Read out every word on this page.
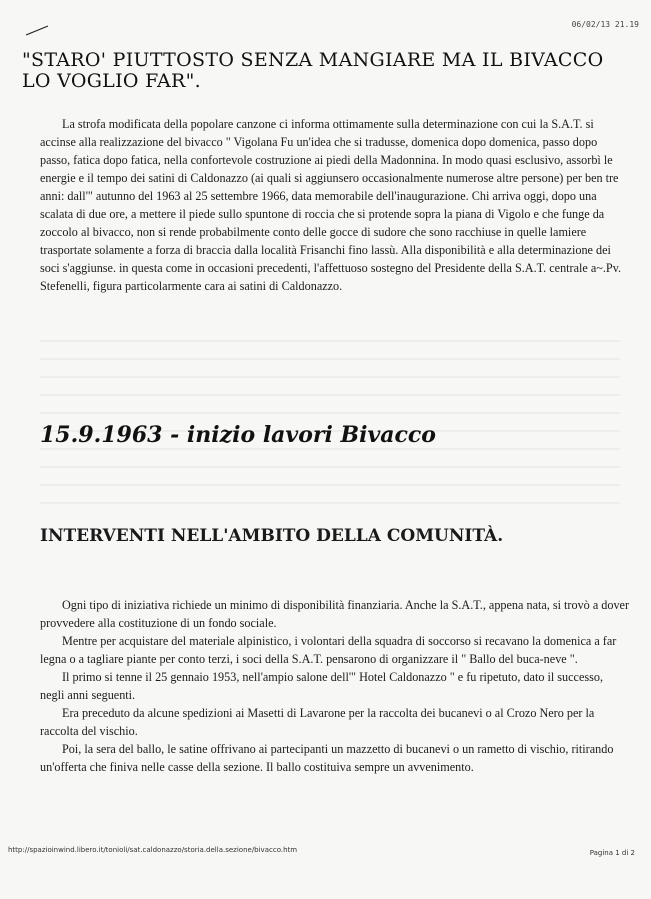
06/02/13 21.19
"STARO' PIUTTOSTO SENZA MANGIARE MA IL BIVACCO LO VOGLIO FAR".

La strofa modificata della popolare canzone ci informa ottimamente sulla determinazione con cui la S.A.T. si accinse alla realizzazione del bivacco " Vigolana Fu un'idea che si tradusse, domenica dopo domenica, passo dopo passo, fatica dopo fatica, nella confortevole costruzione ai piedi della Madonnina. In modo quasi esclusivo, assorbì le energie e il tempo dei satini di Caldonazzo (ai quali si aggiunsero occasionalmente numerose altre persone) per ben tre anni: dall'" autunno del 1963 al 25 settembre 1966, data memorabile dell'inaugurazione. Chi arriva oggi, dopo una scalata di due ore, a mettere il piede sullo spuntone di roccia che si protende sopra la piana di Vigolo e che funge da zoccolo al bivacco, non si rende probabilmente conto delle gocce di sudore che sono racchiuse in quelle lamiere trasportate solamente a forza di braccia dalla località Frisanchi fino lassù. Alla disponibilità e alla determinazione dei soci s'aggiunse. in questa come in occasioni precedenti, l'affettuoso sostegno del Presidente della S.A.T. centrale a~.Pv. Stefenelli, figura particolarmente cara ai satini di Caldonazzo.

15.9.1963 - inizio lavori Bivacco
INTERVENTI NELL'AMBITO DELLA COMUNITÀ.

Ogni tipo di iniziativa richiede un minimo di disponibilità finanziaria. Anche la S.A.T., appena nata, si trovò a dover provvedere alla costituzione di un fondo sociale.

Mentre per acquistare del materiale alpinistico, i volontari della squadra di soccorso si recavano la domenica a far legna o a tagliare piante per conto terzi, i soci della S.A.T. pensarono di organizzare il " Ballo del buca-neve ".

Il primo si tenne il 25 gennaio 1953, nell'ampio salone dell'" Hotel Caldonazzo " e fu ripetuto, dato il successo, negli anni seguenti.

Era preceduto da alcune spedizioni ai Masetti di Lavarone per la raccolta dei bucanevi o al Crozo Nero per la raccolta del vischio.

Poi, la sera del ballo, le satine offrivano ai partecipanti un mazzetto di bucanevi o un rametto di vischio, ritirando un'offerta che finiva nelle casse della sezione. Il ballo costituiva sempre un avvenimento.

http://spazioinwind.libero.it/tonioli/sat.caldonazzo/storia.della.sezione/bivacco.htm	Pagina 1 di 2
